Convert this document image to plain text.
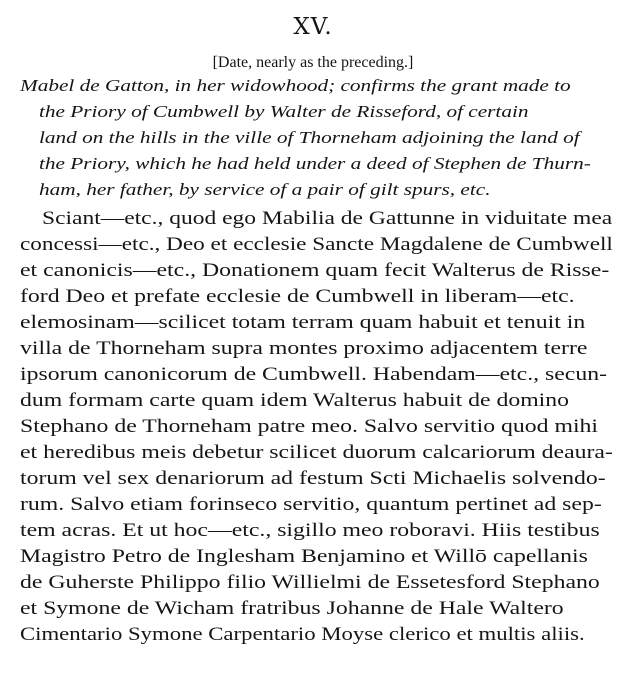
XV.
[Date, nearly as the preceding.]
Mabel de Gatton, in her widowhood; confirms the grant made to
the Priory of Cumbwell by Walter de Risseford, of certain
land on the hills in the ville of Thorneham adjoining the land of
the Priory, which he had held under a deed of Stephen de Thurn-
ham, her father, by service of a pair of gilt spurs, etc.
Sciant—etc., quod ego Mabilia de Gattunne in viduitate mea
concessi—etc., Deo et ecclesie Sancte Magdalene de Cumbwell
et canonicis—etc., Donationem quam fecit Walterus de Risse-
ford Deo et prefate ecclesie de Cumbwell in liberam—etc.
elemosinam—scilicet totam terram quam habuit et tenuit in
villa de Thorneham supra montes proximo adjacentem terre
ipsorum canonicorum de Cumbwell. Habendam—etc., secun-
dum formam carte quam idem Walterus habuit de domino
Stephano de Thorneham patre meo. Salvo servitio quod mihi
et heredibus meis debetur scilicet duorum calcariorum deaura-
torum vel sex denariorum ad festum Scti Michaelis solvendo-
rum. Salvo etiam forinseco servitio, quantum pertinet ad sep-
tem acras. Et ut hoc—etc., sigillo meo roboravi. Hiis testibus
Magistro Petro de Inglesham Benjamino et Willō capellanis
de Guherste Philippo filio Willielmi de Essetesford Stephano
et Symone de Wicham fratribus Johanne de Hale Waltero
Cimentario Symone Carpentario Moyse clerico et multis aliis.
